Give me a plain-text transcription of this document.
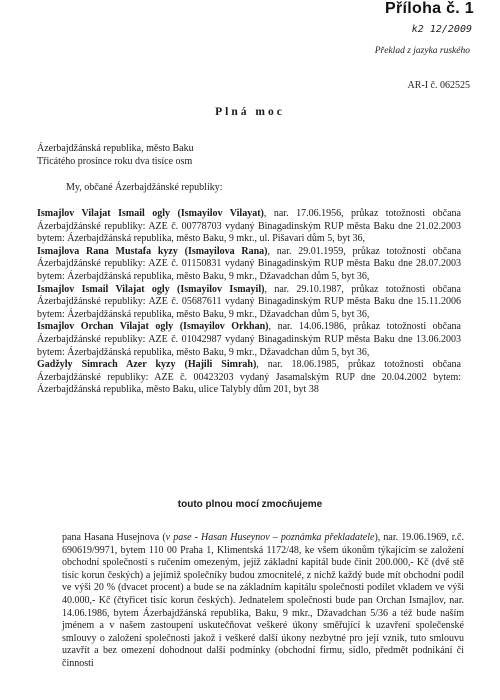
Příloha č. 1
k2 12/2009
Překlad z jazyka ruského
AR-I č. 062525
Plná moc
Ázerbajdžánská republika, město Baku
Třicátého prosince roku dva tisíce osm
My, občané Ázerbajdžánské republiky:

Ismajlov Vilajat Ismail ogly (Ismayilov Vilayat), nar. 17.06.1956, průkaz totožnosti občana Ázerbajdžánské republiky: AZE č. 00778703 vydaný Binagadinským RUP města Baku dne 21.02.2003 bytem: Ázerbajdžánská republika, město Baku, 9 mkr., ul. Pišavari dům 5, byt 36,

Ismajlova Rana Mustafa kyzy (Ismayilova Rana), nar. 29.01.1959, průkaz totožnosti občana Ázerbajdžánské republiky: AZE č. 01150831 vydaný Binagadinským RUP města Baku dne 28.07.2003 bytem: Ázerbajdžánská republika, město Baku, 9 mkr., Džavadchan dům 5, byt 36,

Ismajlov Ismail Vilajat ogly (Ismayilov Ismayil), nar. 29.10.1987, průkaz totožnosti občana Ázerbajdžánské republiky: AZE č. 05687611 vydaný Binagadinským RUP města Baku dne 15.11.2006 bytem: Ázerbajdžánská republika, město Baku, 9 mkr., Džavadchan dům 5, byt 36,

Ismajlov Orchan Vilajat ogly (Ismayilov Orkhan), nar. 14.06.1986, průkaz totožnosti občana Ázerbajdžánské republiky: AZE č. 01042987 vydaný Binagadinským RUP města Baku dne 13.06.2003 bytem: Ázerbajdžánská republika, město Baku, 9 mkr., Džavadchan dům 5, byt 36,

Gadžyly Simrach Azer kyzy (Hajili Simrah), nar. 18.06.1985, průkaz totožnosti občana Ázerbajdžánské republiky: AZE č. 00423203 vydaný Jasamalským RUP dne 20.04.2002 bytem: Ázerbajdžánská republika, město Baku, ulice Talybly dům 201, byt 38

touto plnou mocí zmocňujeme
pana Hasana Husejnova (v pase - Hasan Huseynov – poznámka překladatele), nar. 19.06.1969, r.č. 690619/9971, bytem 110 00 Praha 1, Klimentská 1172/48, ke všem úkonům týkajícím se založení obchodní společnosti s ručením omezeným, jejíž základní kapitál bude činit 200.000,- Kč (dvě stě tisíc korun českých) a jejímiž společníky budou zmocnitelé, z nichž každý bude mít obchodní podíl ve výši 20 % (dvacet procent) a bude se na základním kapitálu společnosti podílet vkladem ve výši 40.000,- Kč (čtyřicet tisíc korun českých). Jednatelem společnosti bude pan Orchan Ismajlov, nar. 14.06.1986, bytem Ázerbajdžánská republika, Baku, 9 mkr., Džavadchan 5/36 a též bude naším jménem a v našem zastoupení uskutečňovat veškeré úkony směřující k uzavření společenské smlouvy o založení společnosti jakož i veškeré další úkony nezbytné pro její vznik, tuto smlouvu uzavřít a bez omezení dohodnout další podmínky (obchodní firmu, sídlo, předmět podnikání či činnosti
